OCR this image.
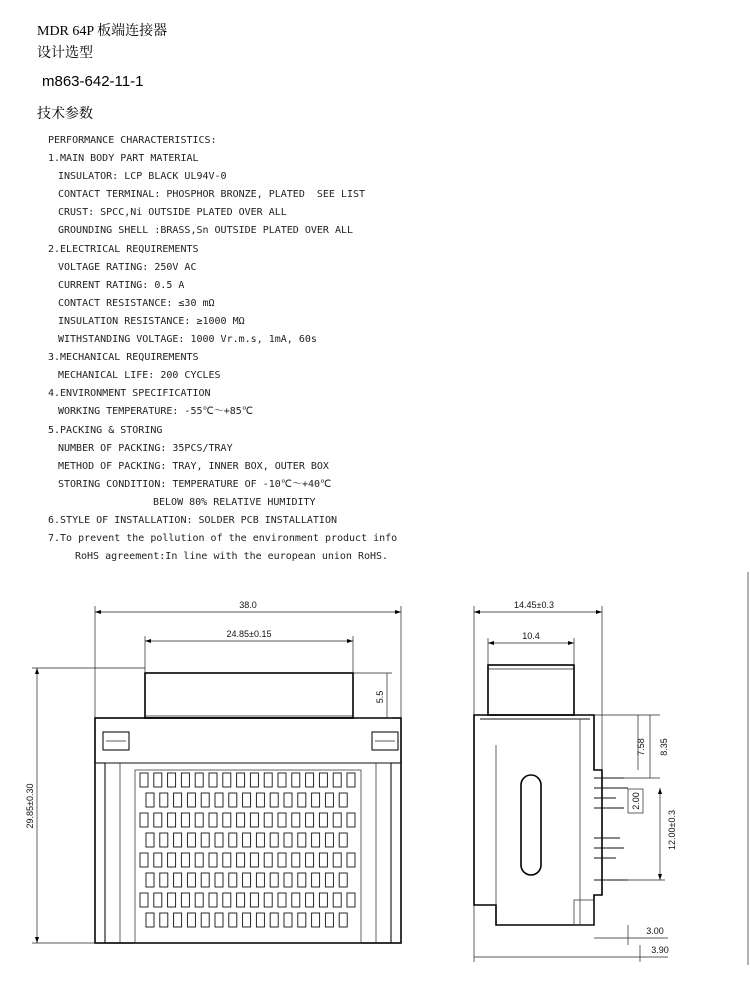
MDR 64P 板端连接器
设计选型
m863-642-11-1
技术参数
PERFORMANCE CHARACTERISTICS:
1.MAIN BODY PART MATERIAL
INSULATOR: LCP BLACK UL94V-0
CONTACT TERMINAL: PHOSPHOR BRONZE, PLATED  SEE LIST
CRUST: SPCC,Ni OUTSIDE PLATED OVER ALL
GROUNDING SHELL :BRASS,Sn OUTSIDE PLATED OVER ALL
2.ELECTRICAL REQUIREMENTS
VOLTAGE RATING: 250V AC
CURRENT RATING: 0.5 A
CONTACT RESISTANCE: ≤30 mΩ
INSULATION RESISTANCE: ≥1000 MΩ
WITHSTANDING VOLTAGE: 1000 Vr.m.s, 1mA, 60s
3.MECHANICAL REQUIREMENTS
MECHANICAL LIFE: 200 CYCLES
4.ENVIRONMENT SPECIFICATION
WORKING TEMPERATURE: -55℃～+85℃
5.PACKING & STORING
NUMBER OF PACKING: 35PCS/TRAY
METHOD OF PACKING: TRAY, INNER BOX, OUTER BOX
STORING CONDITION: TEMPERATURE OF -10℃～+40℃
BELOW 80% RELATIVE HUMIDITY
6.STYLE OF INSTALLATION: SOLDER PCB INSTALLATION
7.To prevent the pollution of the environment product info
RoHS agreement:In line with the european union RoHS.
38.0
24.85±0.15
5.5
29.85±0.30
14.45±0.3
10.4
7.58 8.35
2.00
12.00±0.3
3.00
3.90
